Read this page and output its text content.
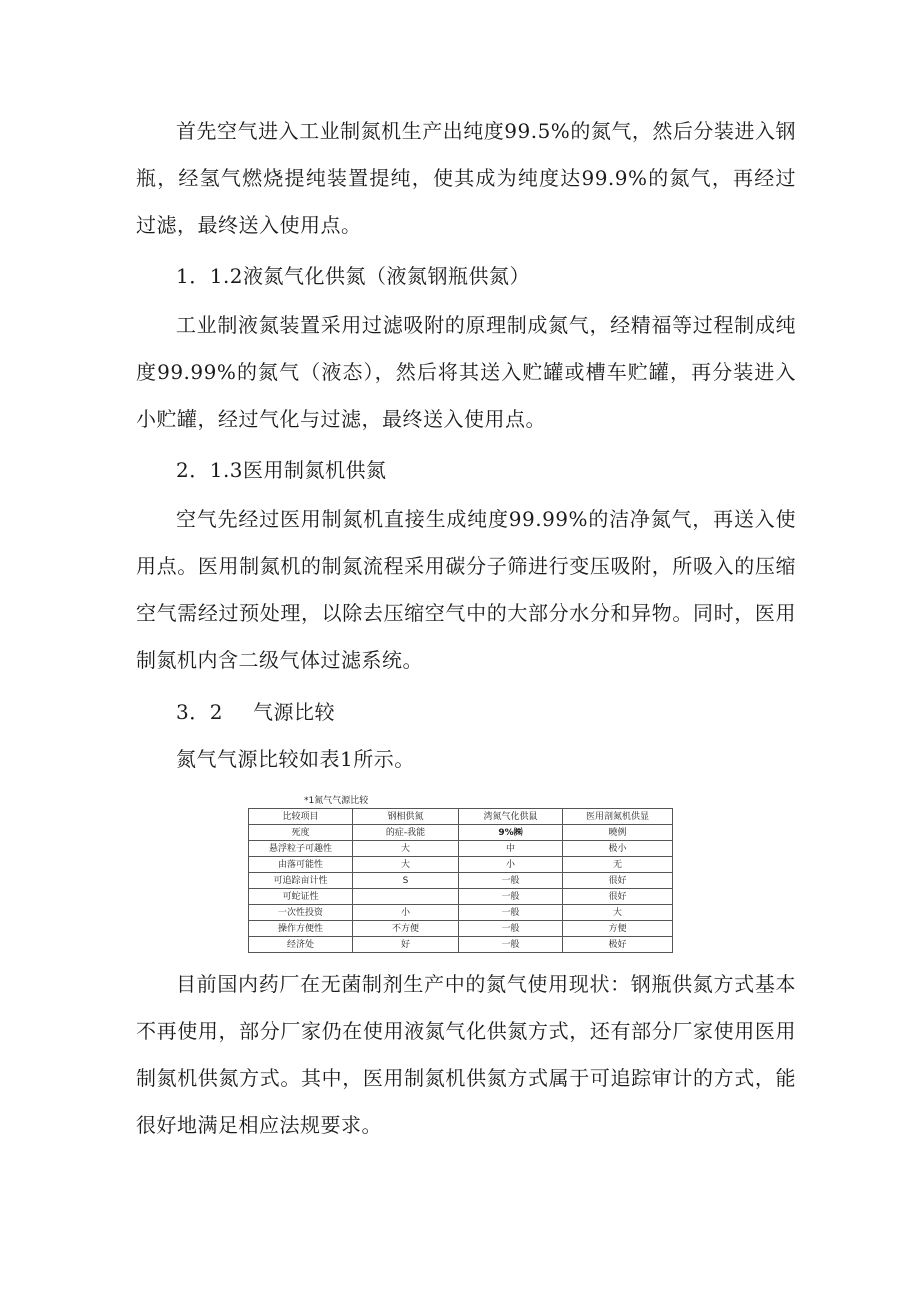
首先空气进入工业制氮机生产出纯度99.5%的氮气，然后分装进入钢瓶，经氢气燃烧提纯装置提纯，使其成为纯度达99.9%的氮气，再经过过滤，最终送入使用点。

1．1.2液氮气化供氮（液氮钢瓶供氮）

工业制液氮装置采用过滤吸附的原理制成氮气，经精福等过程制成纯度99.99%的氮气（液态），然后将其送入贮罐或槽车贮罐，再分装进入小贮罐，经过气化与过滤，最终送入使用点。

2．1.3医用制氮机供氮

空气先经过医用制氮机直接生成纯度99.99%的洁净氮气，再送入使用点。医用制氮机的制氮流程采用碳分子筛进行变压吸附，所吸入的压缩空气需经过预处理，以除去压缩空气中的大部分水分和异物。同时，医用制氮机内含二级气体过滤系统。

3．2 气源比较

氮气气源比较如表1所示。

*1氮气气源比较
比较项目	钢相供氮	湾氮气化供鼠	医用剖氮机供显
死度	的症-我能	9%㈱	曉例
悬浮粒子可趣性	大	中	极小
由落可能性	大	小	无
可追踪亩计性	S	一般	很好
可蛇证性		一般	很好
一次性投资	小	一般	大
操作方便性	不方便	一般	方便
经济处	好	一般	极好

目前国内药厂在无菌制剂生产中的氮气使用现状：钢瓶供氮方式基本不再使用，部分厂家仍在使用液氮气化供氮方式，还有部分厂家使用医用制氮机供氮方式。其中，医用制氮机供氮方式属于可追踪审计的方式，能很好地满足相应法规要求。
